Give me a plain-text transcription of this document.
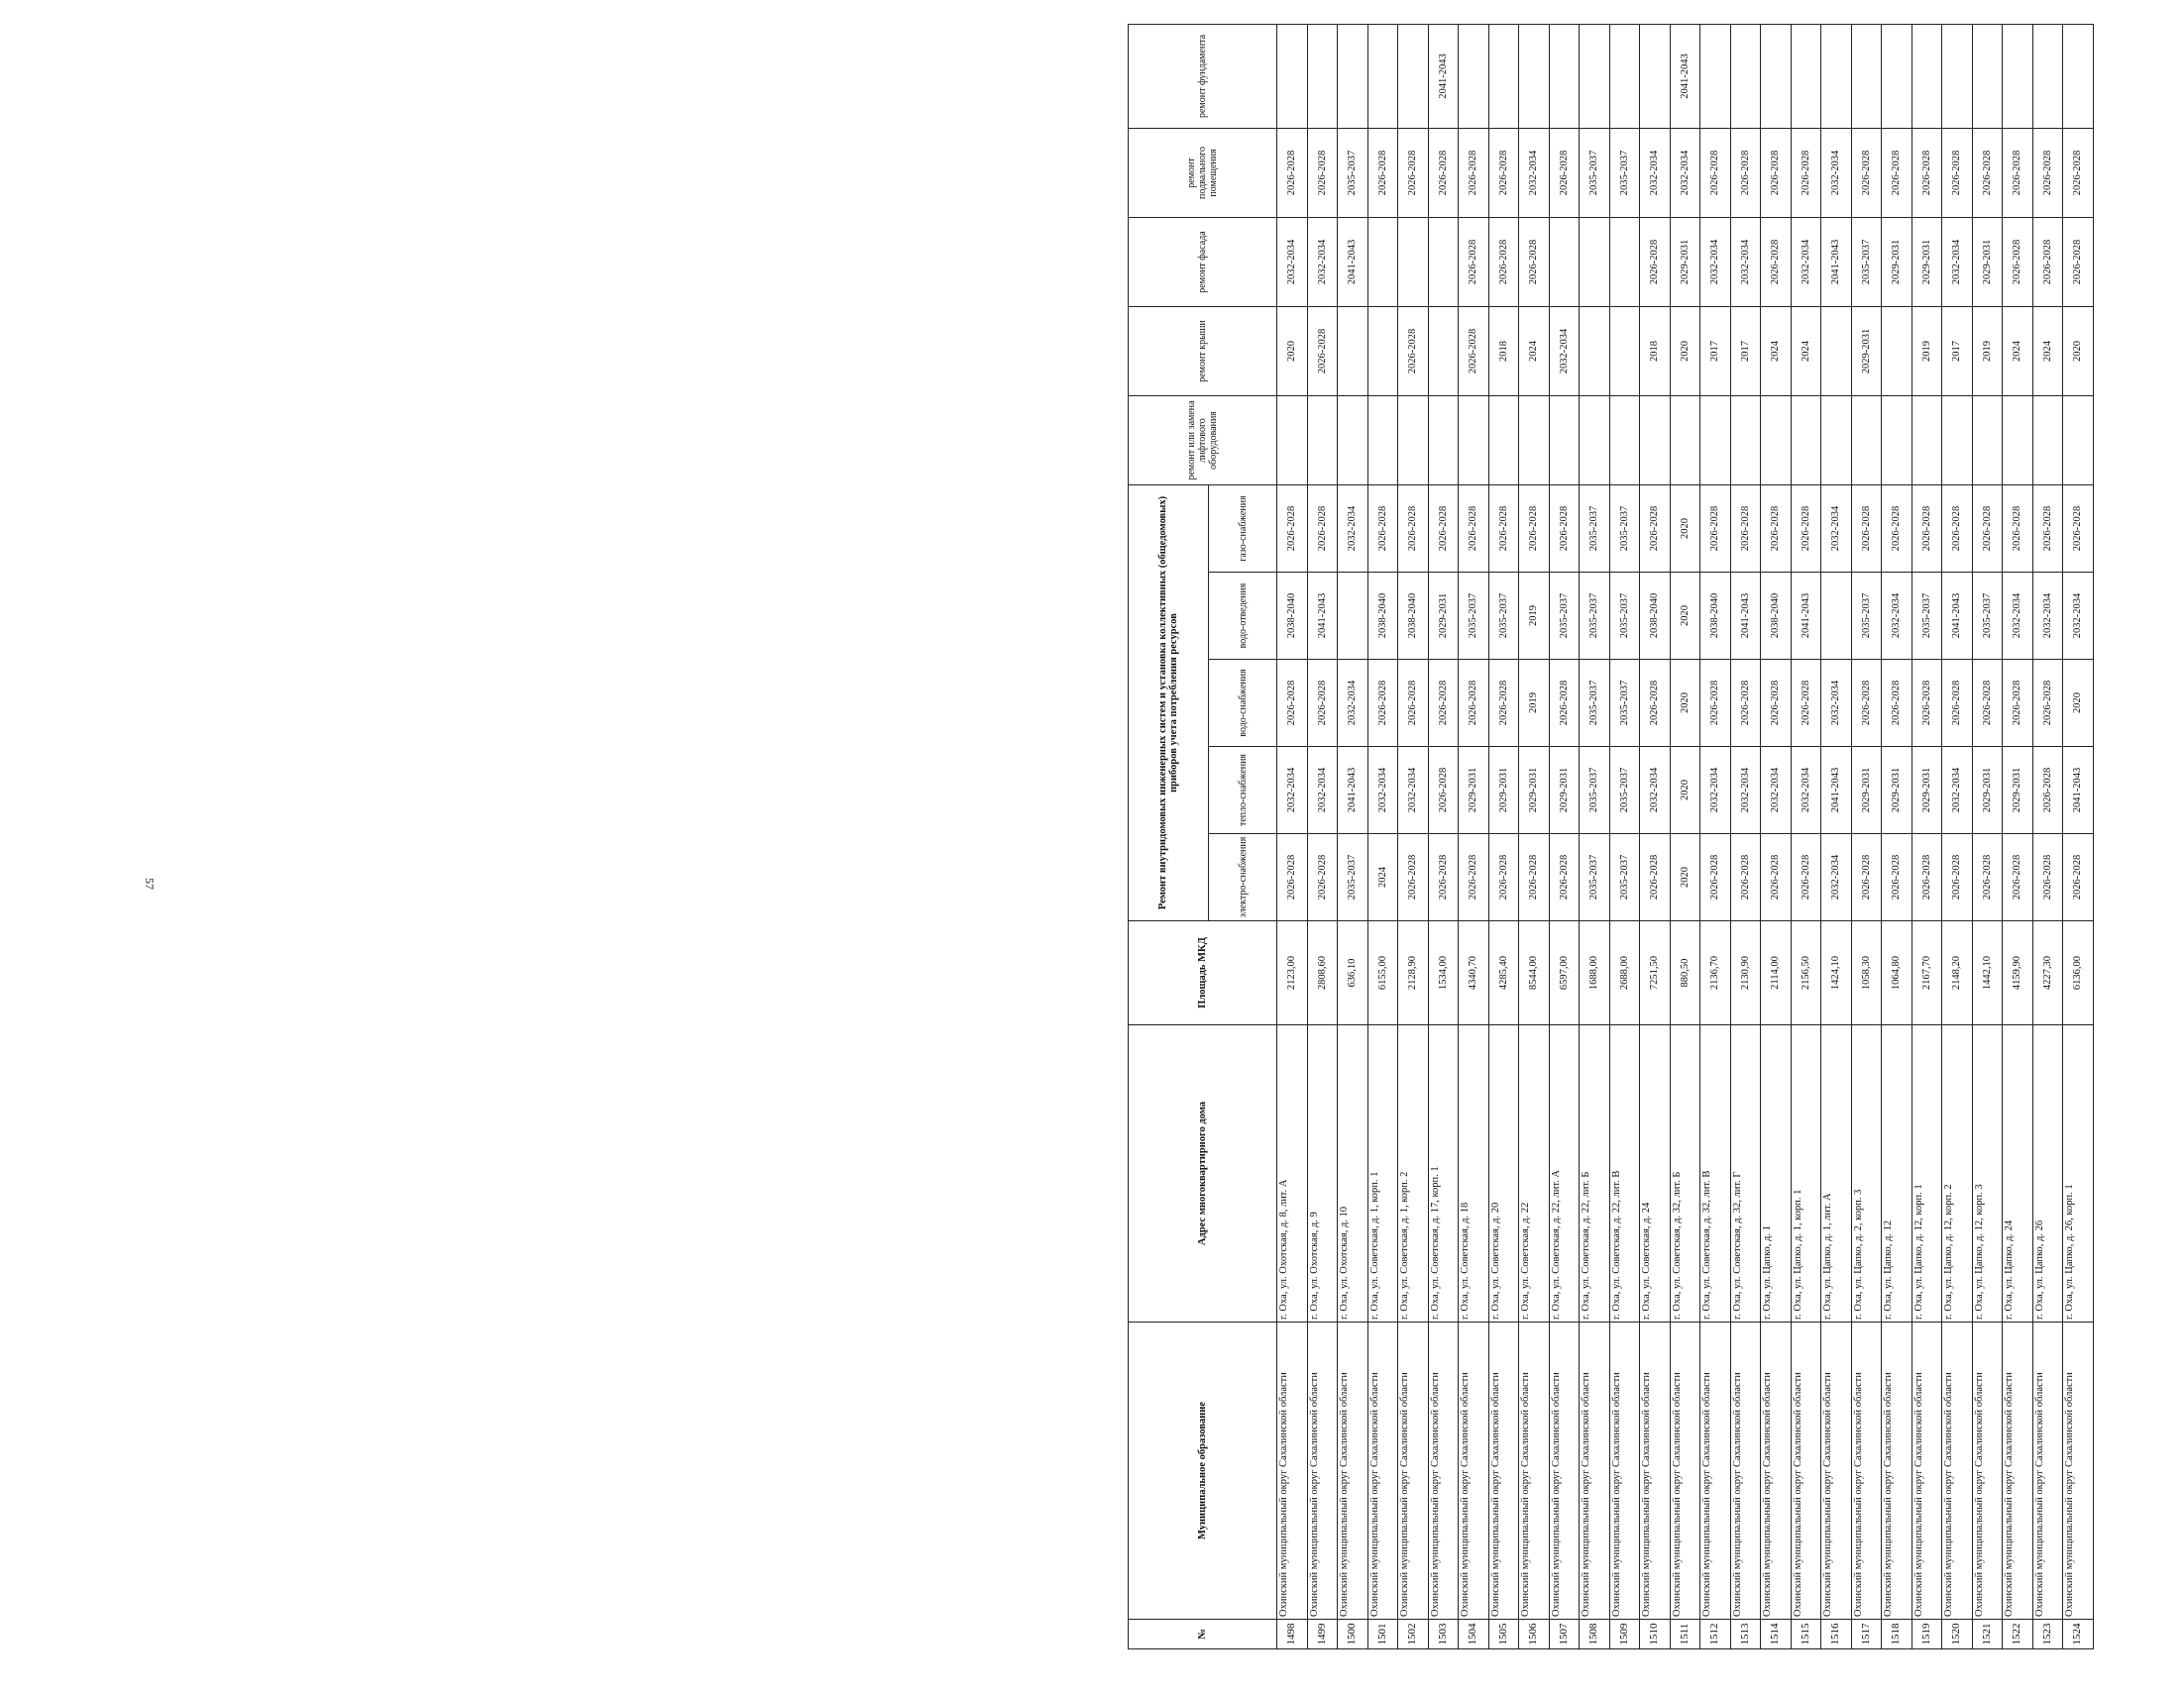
57
№	Муниципальное образование	Адрес многоквартирного дома	Площадь МКД	Ремонт внутридомовых инженерных систем и установка коллективных (общедомовых) приборов учета потребления ресурсов					ремонт или замена лифтового оборудования	ремонт крыши	ремонт фасада	ремонт подвального помещения	ремонт фундамента
				электро-снабжения	тепло-снабжения	водо-снабжения	водо-отведения	газо-снабжения					
1498	Охинский муниципальный округ Сахалинской области	г. Оха, ул. Охотская, д. 8, лит. А	2123,00	2026-2028	2032-2034	2026-2028	2038-2040	2026-2028		2020	2032-2034	2026-2028	
1499	Охинский муниципальный округ Сахалинской области	г. Оха, ул. Охотская, д. 9	2808,60	2026-2028	2032-2034	2026-2028	2041-2043	2026-2028		2026-2028	2032-2034	2026-2028	
1500	Охинский муниципальный округ Сахалинской области	г. Оха, ул. Охотская, д. 10	636,10	2035-2037	2041-2043	2032-2034		2032-2034			2041-2043	2035-2037	
1501	Охинский муниципальный округ Сахалинской области	г. Оха, ул. Советская, д. 1, корп. 1	6155,00	2024	2032-2034	2026-2028	2038-2040	2026-2028				2026-2028	
1502	Охинский муниципальный округ Сахалинской области	г. Оха, ул. Советская, д. 1, корп. 2	2128,90	2026-2028	2032-2034	2026-2028	2038-2040	2026-2028		2026-2028		2026-2028	
1503	Охинский муниципальный округ Сахалинской области	г. Оха, ул. Советская, д. 17, корп. 1	1534,00	2026-2028	2026-2028	2026-2028	2029-2031	2026-2028				2026-2028	2041-2043
1504	Охинский муниципальный округ Сахалинской области	г. Оха, ул. Советская, д. 18	4340,70	2026-2028	2029-2031	2026-2028	2035-2037	2026-2028		2026-2028	2026-2028	2026-2028	
1505	Охинский муниципальный округ Сахалинской области	г. Оха, ул. Советская, д. 20	4285,40	2026-2028	2029-2031	2026-2028	2035-2037	2026-2028		2018	2026-2028	2026-2028	
1506	Охинский муниципальный округ Сахалинской области	г. Оха, ул. Советская, д. 22	8544,00	2026-2028	2029-2031	2019	2019	2026-2028		2024	2026-2028	2032-2034	
1507	Охинский муниципальный округ Сахалинской области	г. Оха, ул. Советская, д. 22, лит. А	6597,00	2026-2028	2029-2031	2026-2028	2035-2037	2026-2028		2032-2034		2026-2028	
1508	Охинский муниципальный округ Сахалинской области	г. Оха, ул. Советская, д. 22, лит. Б	1688,00	2035-2037	2035-2037	2035-2037	2035-2037	2035-2037				2035-2037	
1509	Охинский муниципальный округ Сахалинской области	г. Оха, ул. Советская, д. 22, лит. В	2688,00	2035-2037	2035-2037	2035-2037	2035-2037	2035-2037				2035-2037	
1510	Охинский муниципальный округ Сахалинской области	г. Оха, ул. Советская, д. 24	7251,50	2026-2028	2032-2034	2026-2028	2038-2040	2026-2028		2018	2026-2028	2032-2034	
1511	Охинский муниципальный округ Сахалинской области	г. Оха, ул. Советская, д. 32, лит. Б	880,50	2020	2020	2020	2020	2020		2020	2029-2031	2032-2034	2041-2043
1512	Охинский муниципальный округ Сахалинской области	г. Оха, ул. Советская, д. 32, лит. В	2136,70	2026-2028	2032-2034	2026-2028	2038-2040	2026-2028		2017	2032-2034	2026-2028	
1513	Охинский муниципальный округ Сахалинской области	г. Оха, ул. Советская, д. 32, лит. Г	2130,90	2026-2028	2032-2034	2026-2028	2041-2043	2026-2028		2017	2032-2034	2026-2028	
1514	Охинский муниципальный округ Сахалинской области	г. Оха, ул. Цапко, д. 1	2114,00	2026-2028	2032-2034	2026-2028	2038-2040	2026-2028		2024	2026-2028	2026-2028	
1515	Охинский муниципальный округ Сахалинской области	г. Оха, ул. Цапко, д. 1, корп. 1	2156,50	2026-2028	2032-2034	2026-2028	2041-2043	2026-2028		2024	2032-2034	2026-2028	
1516	Охинский муниципальный округ Сахалинской области	г. Оха, ул. Цапко, д. 1, лит. А	1424,10	2032-2034	2041-2043	2032-2034		2032-2034			2041-2043	2032-2034	
1517	Охинский муниципальный округ Сахалинской области	г. Оха, ул. Цапко, д. 2, корп. 3	1058,30	2026-2028	2029-2031	2026-2028	2035-2037	2026-2028		2029-2031	2035-2037	2026-2028	
1518	Охинский муниципальный округ Сахалинской области	г. Оха, ул. Цапко, д. 12	1064,80	2026-2028	2029-2031	2026-2028	2032-2034	2026-2028			2029-2031	2026-2028	
1519	Охинский муниципальный округ Сахалинской области	г. Оха, ул. Цапко, д. 12, корп. 1	2167,70	2026-2028	2029-2031	2026-2028	2035-2037	2026-2028		2019	2029-2031	2026-2028	
1520	Охинский муниципальный округ Сахалинской области	г. Оха, ул. Цапко, д. 12, корп. 2	2148,20	2026-2028	2032-2034	2026-2028	2041-2043	2026-2028		2017	2032-2034	2026-2028	
1521	Охинский муниципальный округ Сахалинской области	г. Оха, ул. Цапко, д. 12, корп. 3	1442,10	2026-2028	2029-2031	2026-2028	2035-2037	2026-2028		2019	2029-2031	2026-2028	
1522	Охинский муниципальный округ Сахалинской области	г. Оха, ул. Цапко, д. 24	4159,90	2026-2028	2029-2031	2026-2028	2032-2034	2026-2028		2024	2026-2028	2026-2028	
1523	Охинский муниципальный округ Сахалинской области	г. Оха, ул. Цапко, д. 26	4227,30	2026-2028	2026-2028	2026-2028	2032-2034	2026-2028		2024	2026-2028	2026-2028	
1524	Охинский муниципальный округ Сахалинской области	г. Оха, ул. Цапко, д. 26, корп. 1	6136,00	2026-2028	2041-2043	2020	2032-2034	2026-2028		2020	2026-2028	2026-2028	
